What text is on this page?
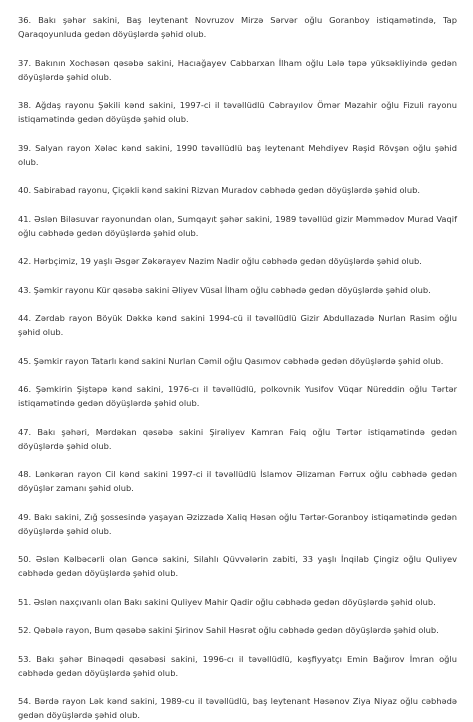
36. Bakı şəhər sakini, Baş leytenant Novruzov Mirzə Sərvər oğlu Goranboy istiqamətində, Tap Qaraqoyunluda gedən döyüşlərdə şəhid olub.

37. Bakının Xochəsən qəsəbə sakini, Hacıağayev Cabbarxan İlham oğlu Lələ təpə yüksəkliyində gedən döyüşlərdə şəhid olub.

38. Ağdaş rayonu Şəkili kənd sakini, 1997-ci il təvəllüdlü Cəbrayılov Ömər Məzahir oğlu Fizuli rayonu istiqamətində gedən döyüşdə şəhid olub.

39. Salyan rayon Xələc kənd sakini, 1990 təvəllüdlü baş leytenant Mehdiyev Rəşid Rövşən oğlu şəhid olub.

40. Sabirabad rayonu, Çiçəkli kənd sakini Rizvan Muradov cəbhədə gedən döyüşlərdə şəhid olub.

41. Əslən Biləsuvar rayonundan olan, Sumqayıt şəhər sakini, 1989 təvəllüd gizir Məmmədov Murad Vaqif oğlu cəbhədə gedən döyüşlərdə şəhid olub.

42. Hərbçimiz, 19 yaşlı Əsgər Zəkərayev Nazim Nadir oğlu cəbhədə gedən döyüşlərdə şəhid olub.

43. Şəmkir rayonu Kür qəsəbə sakini Əliyev Vüsal İlham oğlu cəbhədə gedən döyüşlərdə şəhid olub.

44. Zərdab rayon Böyük Dəkkə kənd sakini 1994-cü il təvəllüdlü Gizir Abdullazadə Nurlan Rasim oğlu şəhid olub.

45. Şəmkir rayon Tatarlı kənd sakini Nurlan Cəmil oğlu Qasımov cəbhədə gedən döyüşlərdə şəhid olub.

46. Şəmkirin Şiştəpə kənd sakini, 1976-cı il təvəllüdlü, polkovnik Yusifov Vüqar Nüreddin oğlu Tərtər istiqamətində gedən döyüşlərdə şəhid olub.

47. Bakı şəhəri, Mərdəkan qəsəbə sakini Şirəliyev Kamran Faiq oğlu Tərtər istiqamətində gedən döyüşlərdə şəhid olub.

48. Lənkəran rayon Cil kənd sakini 1997-ci il təvəllüdlü İslamov Əlizaman Fərrux oğlu cəbhədə gedən döyüşlər zamanı şəhid olub.

49. Bakı sakini, Zığ şossesində yaşayan Əzizzadə Xaliq Həsən oğlu Tərtər-Goranboy istiqamətində gedən döyüşlərdə şəhid olub.

50. Əslən Kəlbəcərli olan Gəncə sakini, Silahlı Qüvvələrin zabiti, 33 yaşlı İnqilab Çingiz oğlu Quliyev cəbhədə gedən döyüşlərdə şəhid olub.

51. Əslən naxçıvanlı olan Bakı sakini Quliyev Mahir Qadir oğlu cəbhədə gedən döyüşlərdə şəhid olub.

52. Qəbələ rayon, Bum qəsəbə sakini Şirinov Sahil Həsrət oğlu cəbhədə gedən döyüşlərdə şəhid olub.

53. Bakı şəhər Binəqədi qəsəbəsi sakini, 1996-cı il təvəllüdlü, kəşfiyyatçı Emin Bağırov İmran oğlu cəbhədə gedən döyüşlərdə şəhid olub.

54. Bərdə rayon Lək kənd sakini, 1989-cu il təvəllüdlü, baş leytenant Həsənov Ziya Niyaz oğlu cəbhədə gedən döyüşlərdə şəhid olub.
